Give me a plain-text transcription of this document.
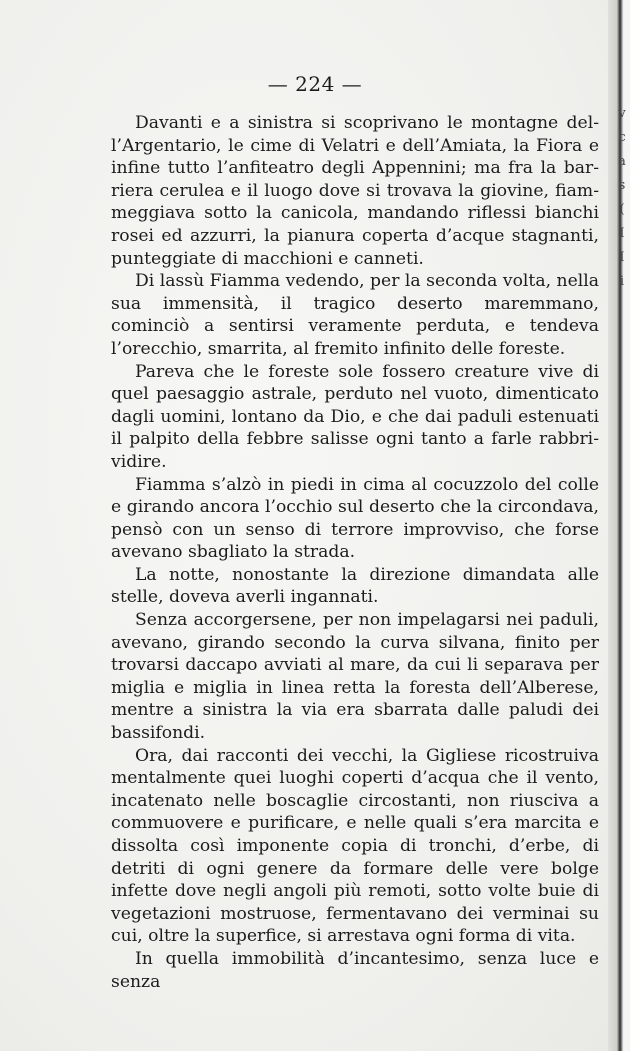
— 224 —

Davanti e a sinistra si scoprivano le montagne dell’Argentario, le cime di Velatri e dell’Amiata, la Fiora e infine tutto l’anfiteatro degli Appennini; ma fra la barriera cerulea e il luogo dove si trovava la giovine, fiammeggiava sotto la canicola, mandando riflessi bianchi rosei ed azzurri, la pianura coperta d’acque stagnanti, punteggiate di macchioni e canneti.

Di lassù Fiamma vedendo, per la seconda volta, nella sua immensità, il tragico deserto maremmano, cominciò a sentirsi veramente perduta, e tendeva l’orecchio, smarrita, al fremito infinito delle foreste.

Pareva che le foreste sole fossero creature vive di quel paesaggio astrale, perduto nel vuoto, dimenticato dagli uomini, lontano da Dio, e che dai paduli estenuati il palpito della febbre salisse ogni tanto a farle rabbrividire.

Fiamma s’alzò in piedi in cima al cocuzzolo del colle e girando ancora l’occhio sul deserto che la circondava, pensò con un senso di terrore improvviso, che forse avevano sbagliato la strada.

La notte, nonostante la direzione dimandata alle stelle, doveva averli ingannati.

Senza accorgersene, per non impelagarsi nei paduli, avevano, girando secondo la curva silvana, finito per trovarsi daccapo avviati al mare, da cui li separava per miglia e miglia in linea retta la foresta dell’Alberese, mentre a sinistra la via era sbarrata dalle paludi dei bassifondi.

Ora, dai racconti dei vecchi, la Gigliese ricostruiva mentalmente quei luoghi coperti d’acqua che il vento, incatenato nelle boscaglie circostanti, non riusciva a commuovere e purificare, e nelle quali s’era marcita e dissolta così imponente copia di tronchi, d’erbe, di detriti di ogni genere da formare delle vere bolge infette dove negli angoli più remoti, sotto volte buie di vegetazioni mostruose, fermentavano dei verminai su cui, oltre la superfice, si arrestava ogni forma di vita.

In quella immobilità d’incantesimo, senza luce e senza

v
c
a
s
(
I
I
i
